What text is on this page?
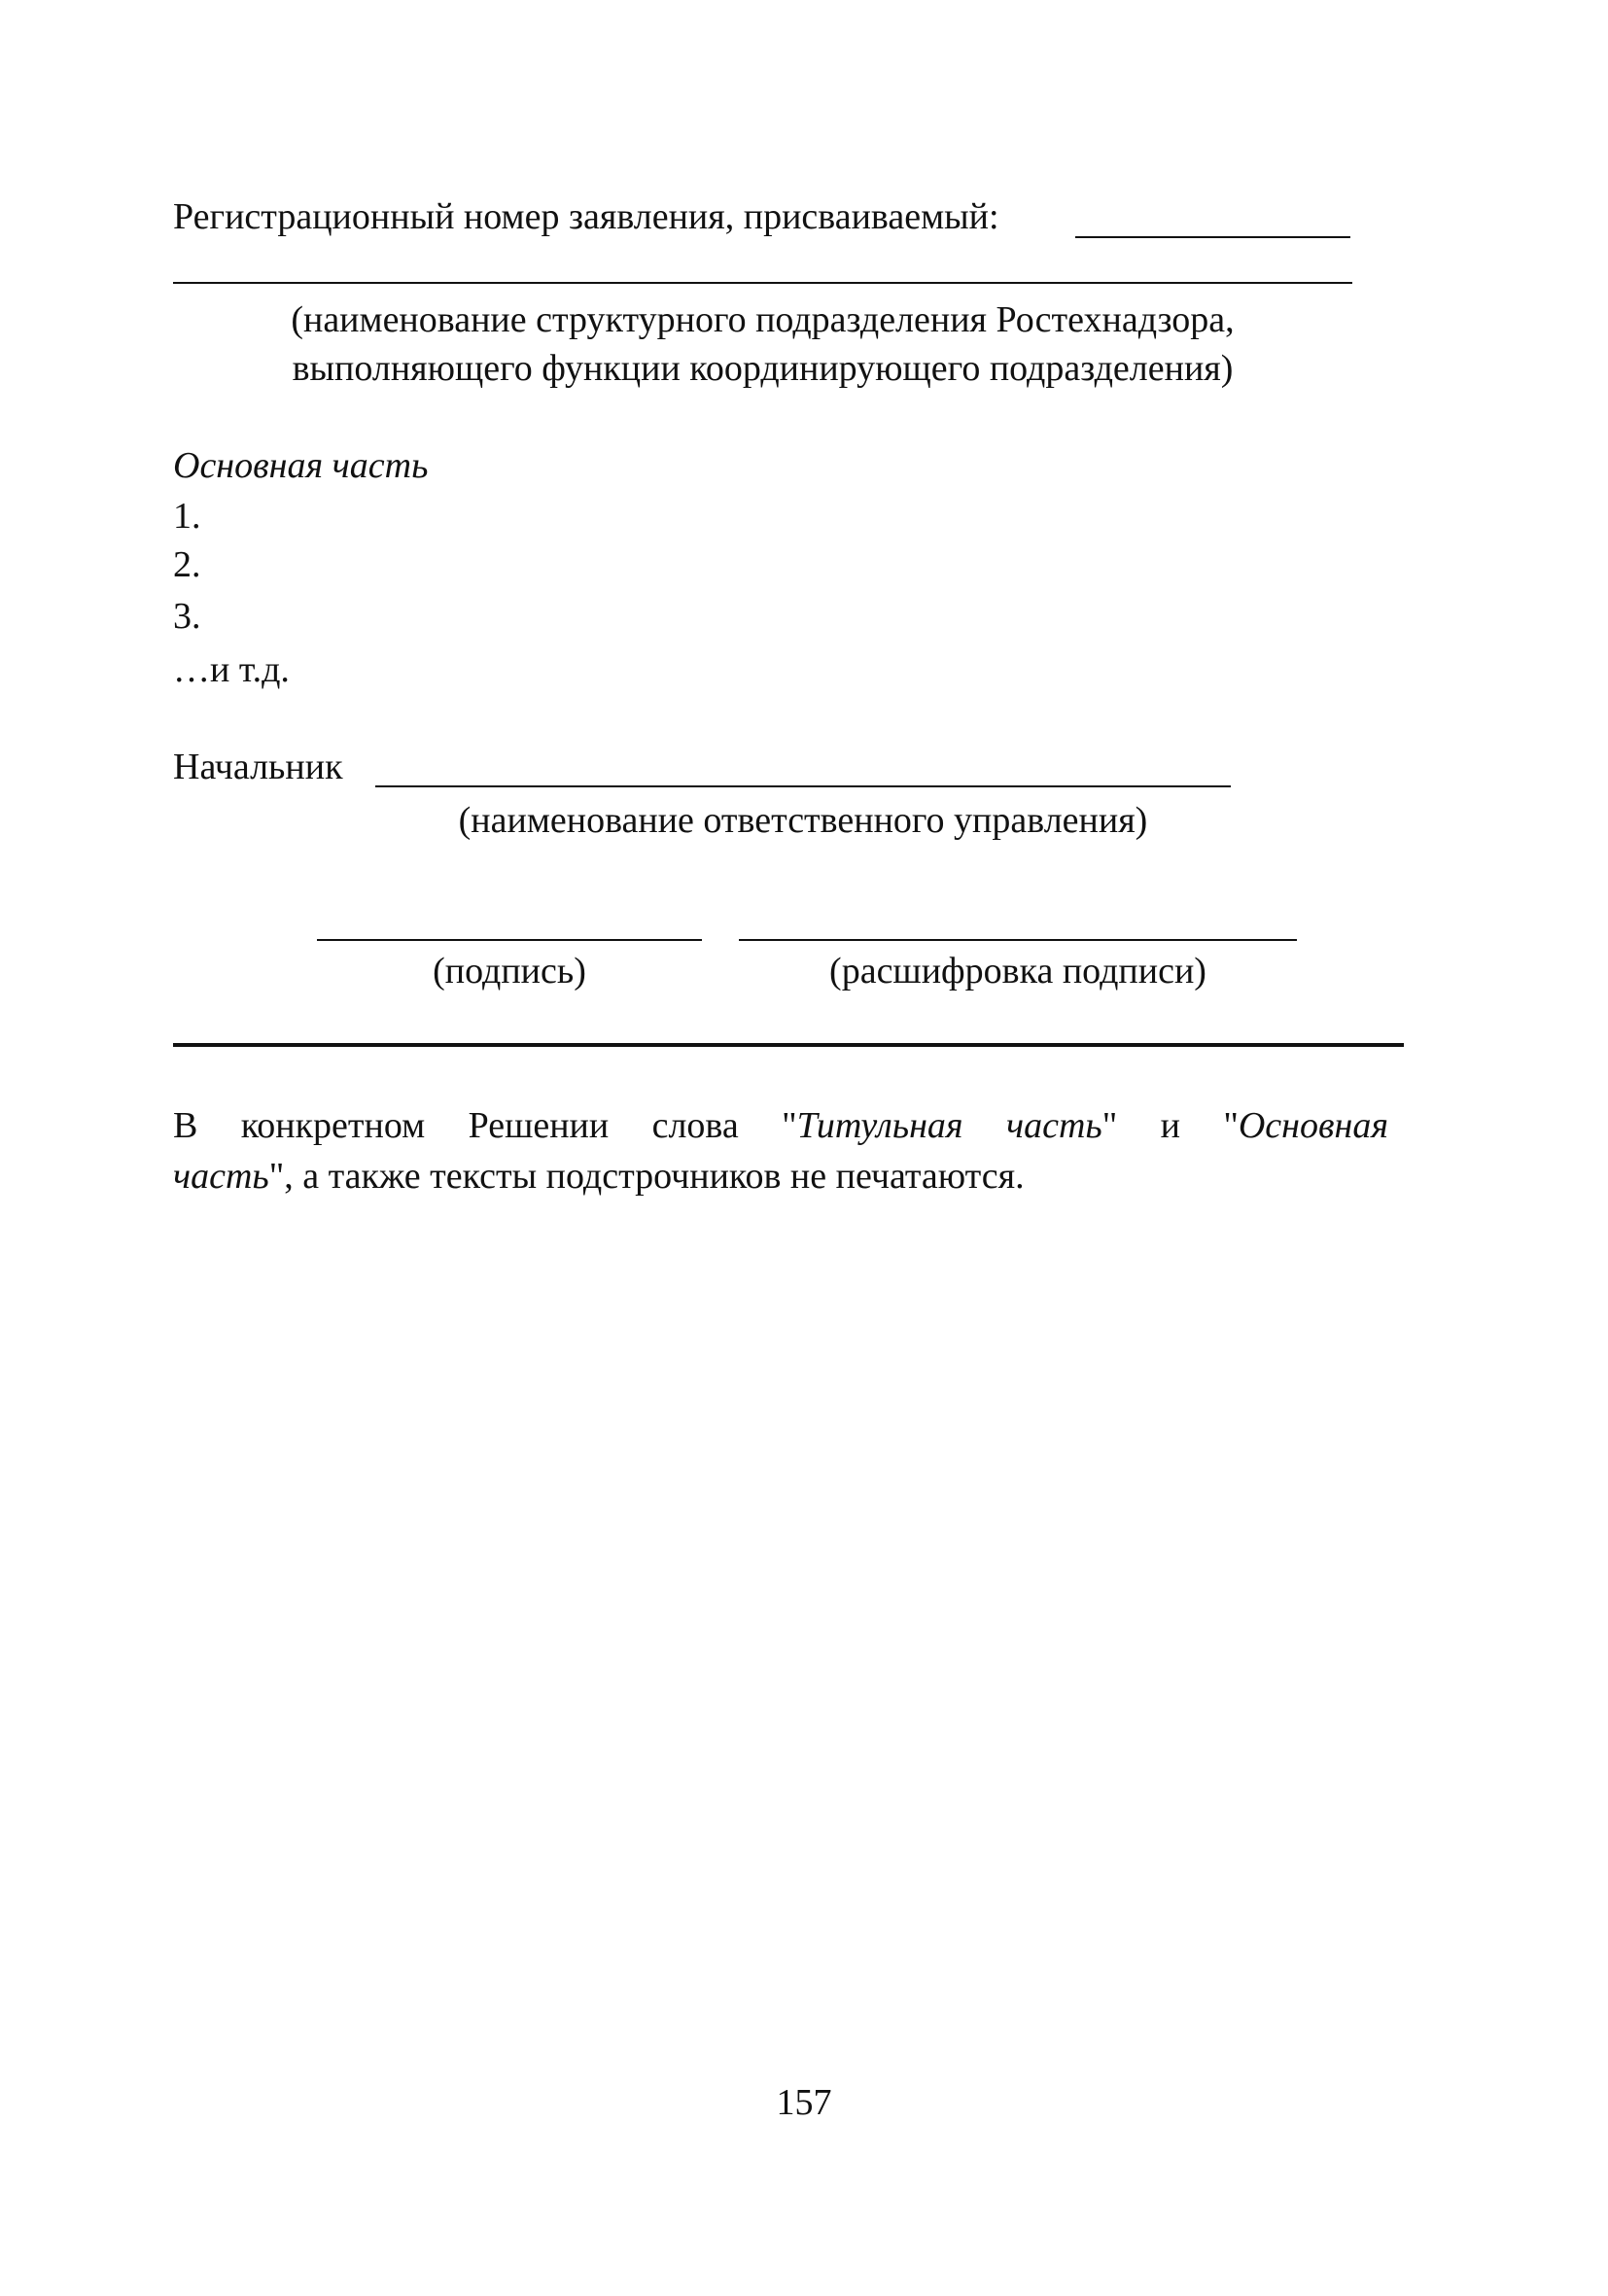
Регистрационный номер заявления, присваиваемый:
(наименование структурного подразделения Ростехнадзора,
выполняющего функции координирующего подразделения)
Основная часть
1.
2.
3.
…и т.д.
Начальник
(наименование ответственного управления)
(подпись)	(расшифровка подписи)
В конкретном Решении слова "Титульная часть" и "Основная
часть", а также тексты подстрочников не печатаются.
157
